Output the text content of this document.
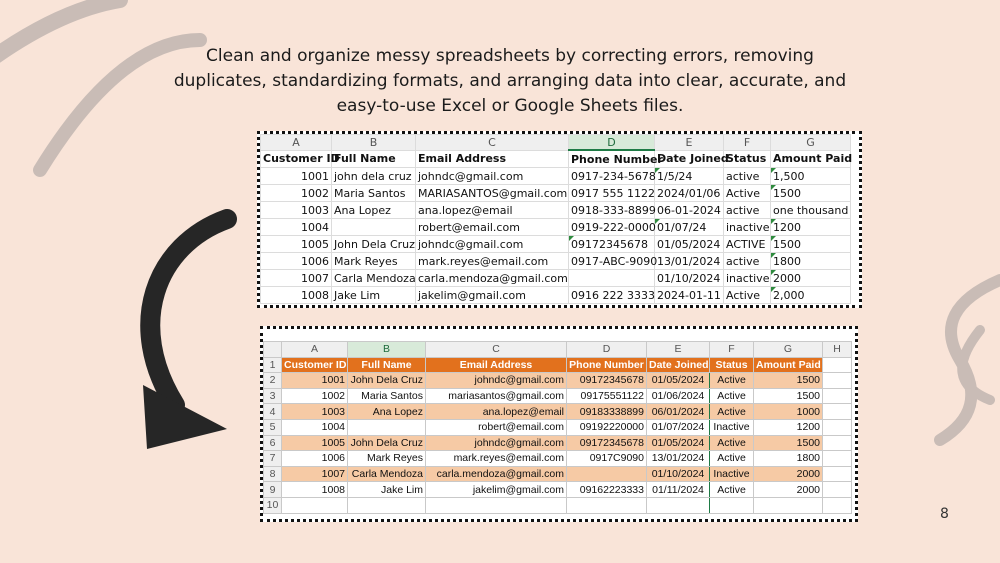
Clean and organize messy spreadsheets by correcting errors, removing duplicates, standardizing formats, and arranging data into clear, accurate, and easy-to-use Excel or Google Sheets files.
A	B	C	D	E	F	G
Customer ID	Full Name	Email Address	Phone Number	Date Joined	Status	Amount Paid
1001	john dela cruz	johndc@gmail.com	0917-234-5678	1/5/24	active	1,500
1002	Maria Santos	MARIASANTOS@gmail.com	0917 555 1122	2024/01/06	Active	1500
1003	Ana Lopez	ana.lopez@email	0918-333-8899	06-01-2024	active	one thousand
1004		robert@email.com	0919-222-0000	01/07/24	inactive	1200
1005	John Dela Cruz	johndc@gmail.com	09172345678	01/05/2024	ACTIVE	1500
1006	Mark Reyes	mark.reyes@email.com	0917-ABC-9090	13/01/2024	active	1800
1007	Carla Mendoza	carla.mendoza@gmail.com		01/10/2024	inactive	2000
1008	Jake Lim	jakelim@gmail.com	0916 222 3333	2024-01-11	Active	2,000
	A	B	C	D	E	F	G	H
1	Customer ID	Full Name	Email Address	Phone Number	Date Joined	Status	Amount Paid	
2	1001	John Dela Cruz	johndc@gmail.com	09172345678	01/05/2024	Active	1500	
3	1002	Maria Santos	mariasantos@gmail.com	09175551122	01/06/2024	Active	1500	
4	1003	Ana Lopez	ana.lopez@email	09183338899	06/01/2024	Active	1000	
5	1004		robert@email.com	09192220000	01/07/2024	Inactive	1200	
6	1005	John Dela Cruz	johndc@gmail.com	09172345678	01/05/2024	Active	1500	
7	1006	Mark Reyes	mark.reyes@email.com	0917C9090	13/01/2024	Active	1800	
8	1007	Carla Mendoza	carla.mendoza@gmail.com		01/10/2024	Inactive	2000	
9	1008	Jake Lim	jakelim@gmail.com	09162223333	01/11/2024	Active	2000	
10								
8
